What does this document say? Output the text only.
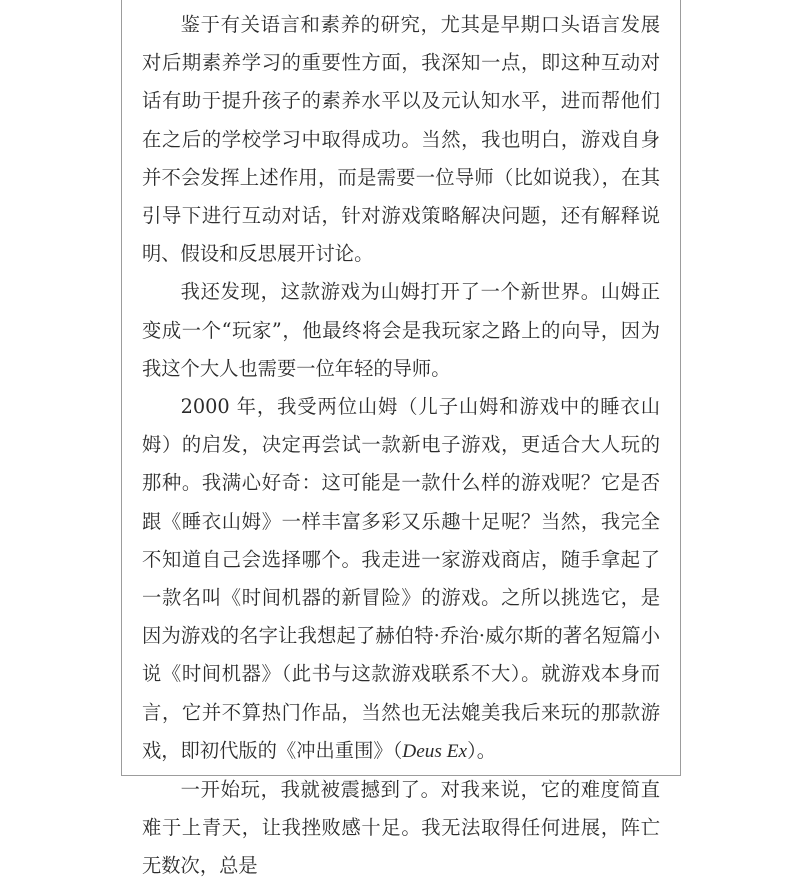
鉴于有关语言和素养的研究，尤其是早期口头语言发展对后期素养学习的重要性方面，我深知一点，即这种互动对话有助于提升孩子的素养水平以及元认知水平，进而帮他们在之后的学校学习中取得成功。当然，我也明白，游戏自身并不会发挥上述作用，而是需要一位导师（比如说我），在其引导下进行互动对话，针对游戏策略解决问题，还有解释说明、假设和反思展开讨论。

我还发现，这款游戏为山姆打开了一个新世界。山姆正变成一个“玩家”，他最终将会是我玩家之路上的向导，因为我这个大人也需要一位年轻的导师。

2000 年，我受两位山姆（儿子山姆和游戏中的睡衣山姆）的启发，决定再尝试一款新电子游戏，更适合大人玩的那种。我满心好奇：这可能是一款什么样的游戏呢？它是否跟《睡衣山姆》一样丰富多彩又乐趣十足呢？当然，我完全不知道自己会选择哪个。我走进一家游戏商店，随手拿起了一款名叫《时间机器的新冒险》的游戏。之所以挑选它，是因为游戏的名字让我想起了赫伯特·乔治·威尔斯的著名短篇小说《时间机器》（此书与这款游戏联系不大）。就游戏本身而言，它并不算热门作品，当然也无法媲美我后来玩的那款游戏，即初代版的《冲出重围》（Deus Ex）。

一开始玩，我就被震撼到了。对我来说，它的难度简直难于上青天，让我挫败感十足。我无法取得任何进展，阵亡无数次，总是
